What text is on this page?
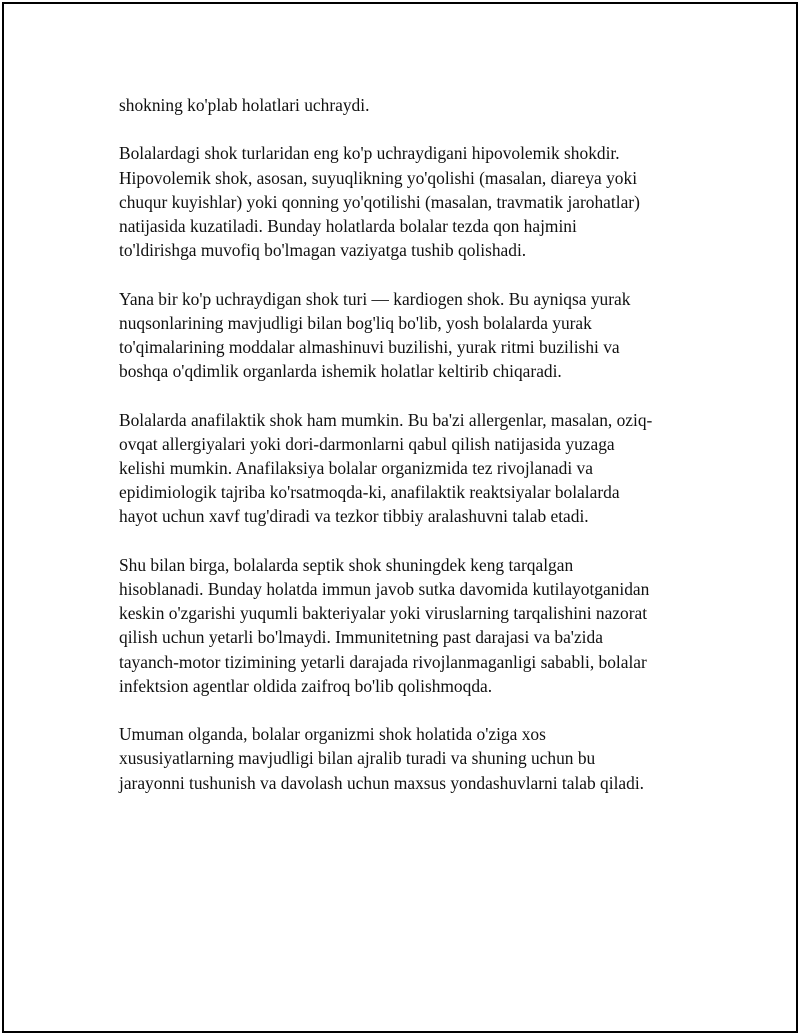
shokning ko'plab holatlari uchraydi.

Bolalardagi shok turlaridan eng ko'p uchraydigani hipovolemik shokdir.
Hipovolemik shok, asosan, suyuqlikning yo'qolishi (masalan, diareya yoki
chuqur kuyishlar) yoki qonning yo'qotilishi (masalan, travmatik jarohatlar)
natijasida kuzatiladi. Bunday holatlarda bolalar tezda qon hajmini
to'ldirishga muvofiq bo'lmagan vaziyatga tushib qolishadi.

Yana bir ko'p uchraydigan shok turi — kardiogen shok. Bu ayniqsa yurak
nuqsonlarining mavjudligi bilan bog'liq bo'lib, yosh bolalarda yurak
to'qimalarining moddalar almashinuvi buzilishi, yurak ritmi buzilishi va
boshqa o'qdimlik organlarda ishemik holatlar keltirib chiqaradi.

Bolalarda anafilaktik shok ham mumkin. Bu ba'zi allergenlar, masalan, oziq-
ovqat allergiyalari yoki dori-darmonlarni qabul qilish natijasida yuzaga
kelishi mumkin. Anafilaksiya bolalar organizmida tez rivojlanadi va
epidimiologik tajriba ko'rsatmoqda-ki, anafilaktik reaktsiyalar bolalarda
hayot uchun xavf tug'diradi va tezkor tibbiy aralashuvni talab etadi.

Shu bilan birga, bolalarda septik shok shuningdek keng tarqalgan
hisoblanadi. Bunday holatda immun javob sutka davomida kutilayotganidan
keskin o'zgarishi yuqumli bakteriyalar yoki viruslarning tarqalishini nazorat
qilish uchun yetarli bo'lmaydi. Immunitetning past darajasi va ba'zida
tayanch-motor tizimining yetarli darajada rivojlanmaganligi sababli, bolalar
infektsion agentlar oldida zaifroq bo'lib qolishmoqda.

Umuman olganda, bolalar organizmi shok holatida o'ziga xos
xususiyatlarning mavjudligi bilan ajralib turadi va shuning uchun bu
jarayonni tushunish va davolash uchun maxsus yondashuvlarni talab qiladi.
